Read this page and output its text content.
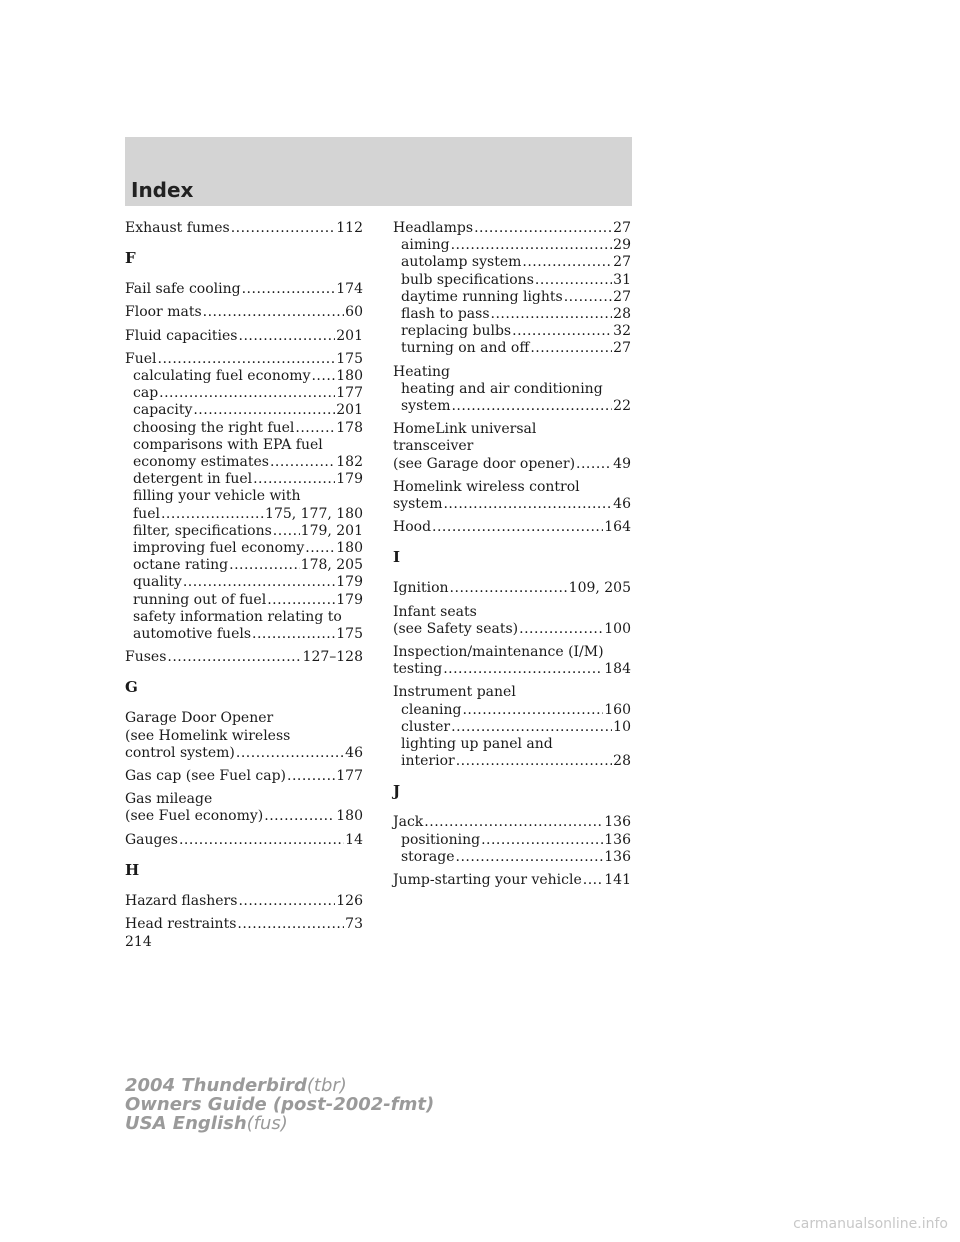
Index
Exhaust fumes .....	112
F
Fail safe cooling .....	174
Floor mats .....	60
Fluid capacities .....	201
Fuel .....	175
calculating fuel economy ..... 180
cap .....	177
capacity .....	201
choosing the right fuel .....	178
comparisons with EPA fuel
economy estimates .....	182
detergent in fuel .....	179
filling your vehicle with
fuel .....	175, 177, 180
filter, specifications ..... 179, 201
improving fuel economy ..... 180
octane rating .....	178, 205
quality .....	179
running out of fuel .....	179
safety information relating to
automotive fuels .....	175
Fuses .....	127–128
G
Garage Door Opener
(see Homelink wireless
control system) .....	46
Gas cap (see Fuel cap) .....	177
Gas mileage
(see Fuel economy) .....	180
Gauges .....	14
H
Hazard flashers .....	126
Head restraints .....	73
Headlamps .....	27
aiming .....	29
autolamp system .....	27
bulb specifications .....	31
daytime running lights .....	27
flash to pass .....	28
replacing bulbs .....	32
turning on and off .....	27
Heating
heating and air conditioning
system .....	22
HomeLink universal
transceiver
(see Garage door opener) .....	49
Homelink wireless control
system .....	46
Hood .....	164
I
Ignition .....	109, 205
Infant seats
(see Safety seats) .....	100
Inspection/maintenance (I/M)
testing .....	184
Instrument panel
cleaning .....	160
cluster .....	10
lighting up panel and
interior .....	28
J
Jack .....	136
positioning .....	136
storage .....	136
Jump-starting your vehicle ..... 141
214
2004 Thunderbird(tbr)
Owners Guide (post-2002-fmt)
USA English(fus)
carmanualsonline.info
